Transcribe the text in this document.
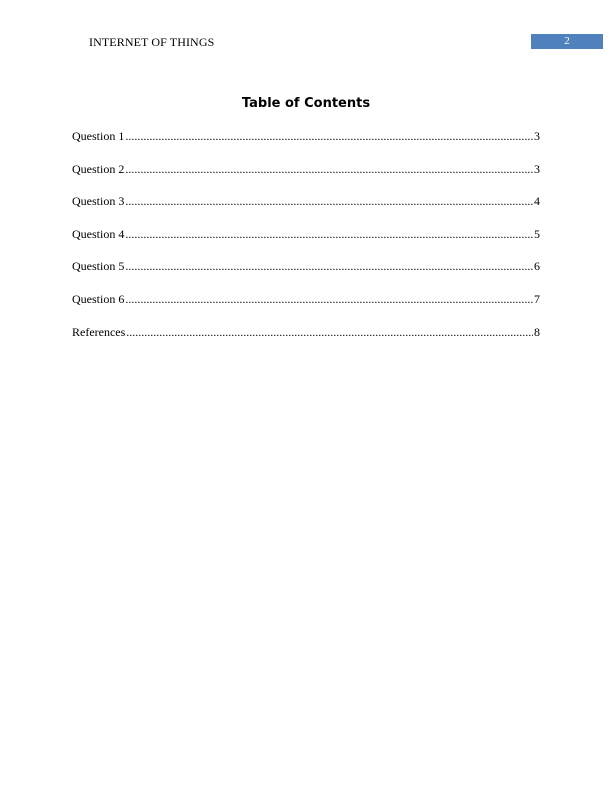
INTERNET OF THINGS	2
Table of Contents
Question 1 .....	3
Question 2 .....	3
Question 3 .....	4
Question 4 .....	5
Question 5 .....	6
Question 6 .....	7
References .....	8
